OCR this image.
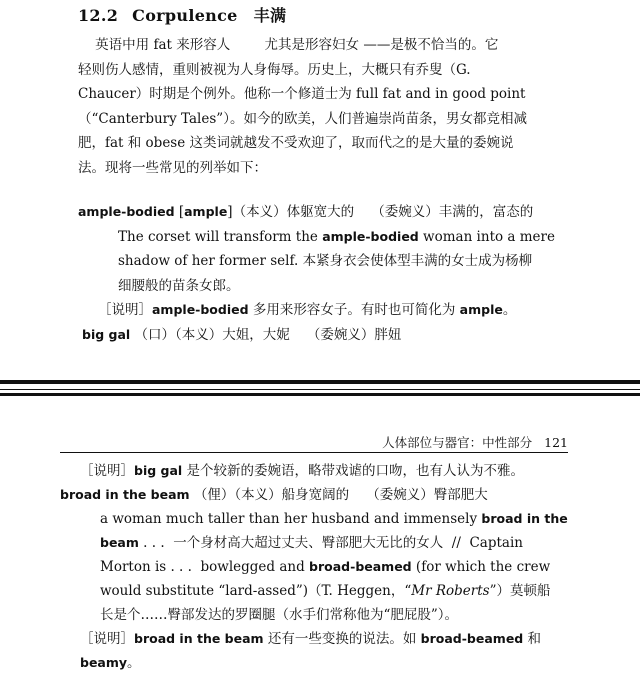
12.2 Corpulence 丰满
英语中用 fat 来形容人        尤其是形容妇女 ——是极不恰当的。它
轻则伤人感情，重则被视为人身侮辱。历史上，大概只有乔叟（G.
Chaucer）时期是个例外。他称一个修道士为 full fat and in good point
（“Canterbury Tales”）。如今的欧美，人们普遍崇尚苗条，男女都竞相减
肥，fat 和 obese 这类词就越发不受欢迎了，取而代之的是大量的委婉说
法。现将一些常见的列举如下：
ample-bodied [ample]（本义）体躯宽大的    （委婉义）丰满的，富态的
The corset will transform the ample-bodied woman into a mere
shadow of her former self. 本紧身衣会使体型丰满的女士成为杨柳
细腰般的苗条女郎。
［说明］ample-bodied 多用来形容女子。有时也可简化为 ample。
big gal （口）（本义）大姐，大妮    （委婉义）胖妞
人体部位与器官：中性部分 121
［说明］big gal 是个较新的委婉语，略带戏谑的口吻，也有人认为不雅。
broad in the beam （俚）（本义）船身宽阔的    （委婉义）臀部肥大
a woman much taller than her husband and immensely broad in the
beam . . .  一个身材高大超过丈夫、臀部肥大无比的女人  //  Captain
Morton is . . .  bowlegged and broad-beamed (for which the crew
would substitute “lard-assed”)（T. Heggen，“Mr Roberts”）莫顿船
长是个……臀部发达的罗圈腿（水手们常称他为“肥屁股”）。
［说明］broad in the beam 还有一些变换的说法。如 broad-beamed 和
beamy。
